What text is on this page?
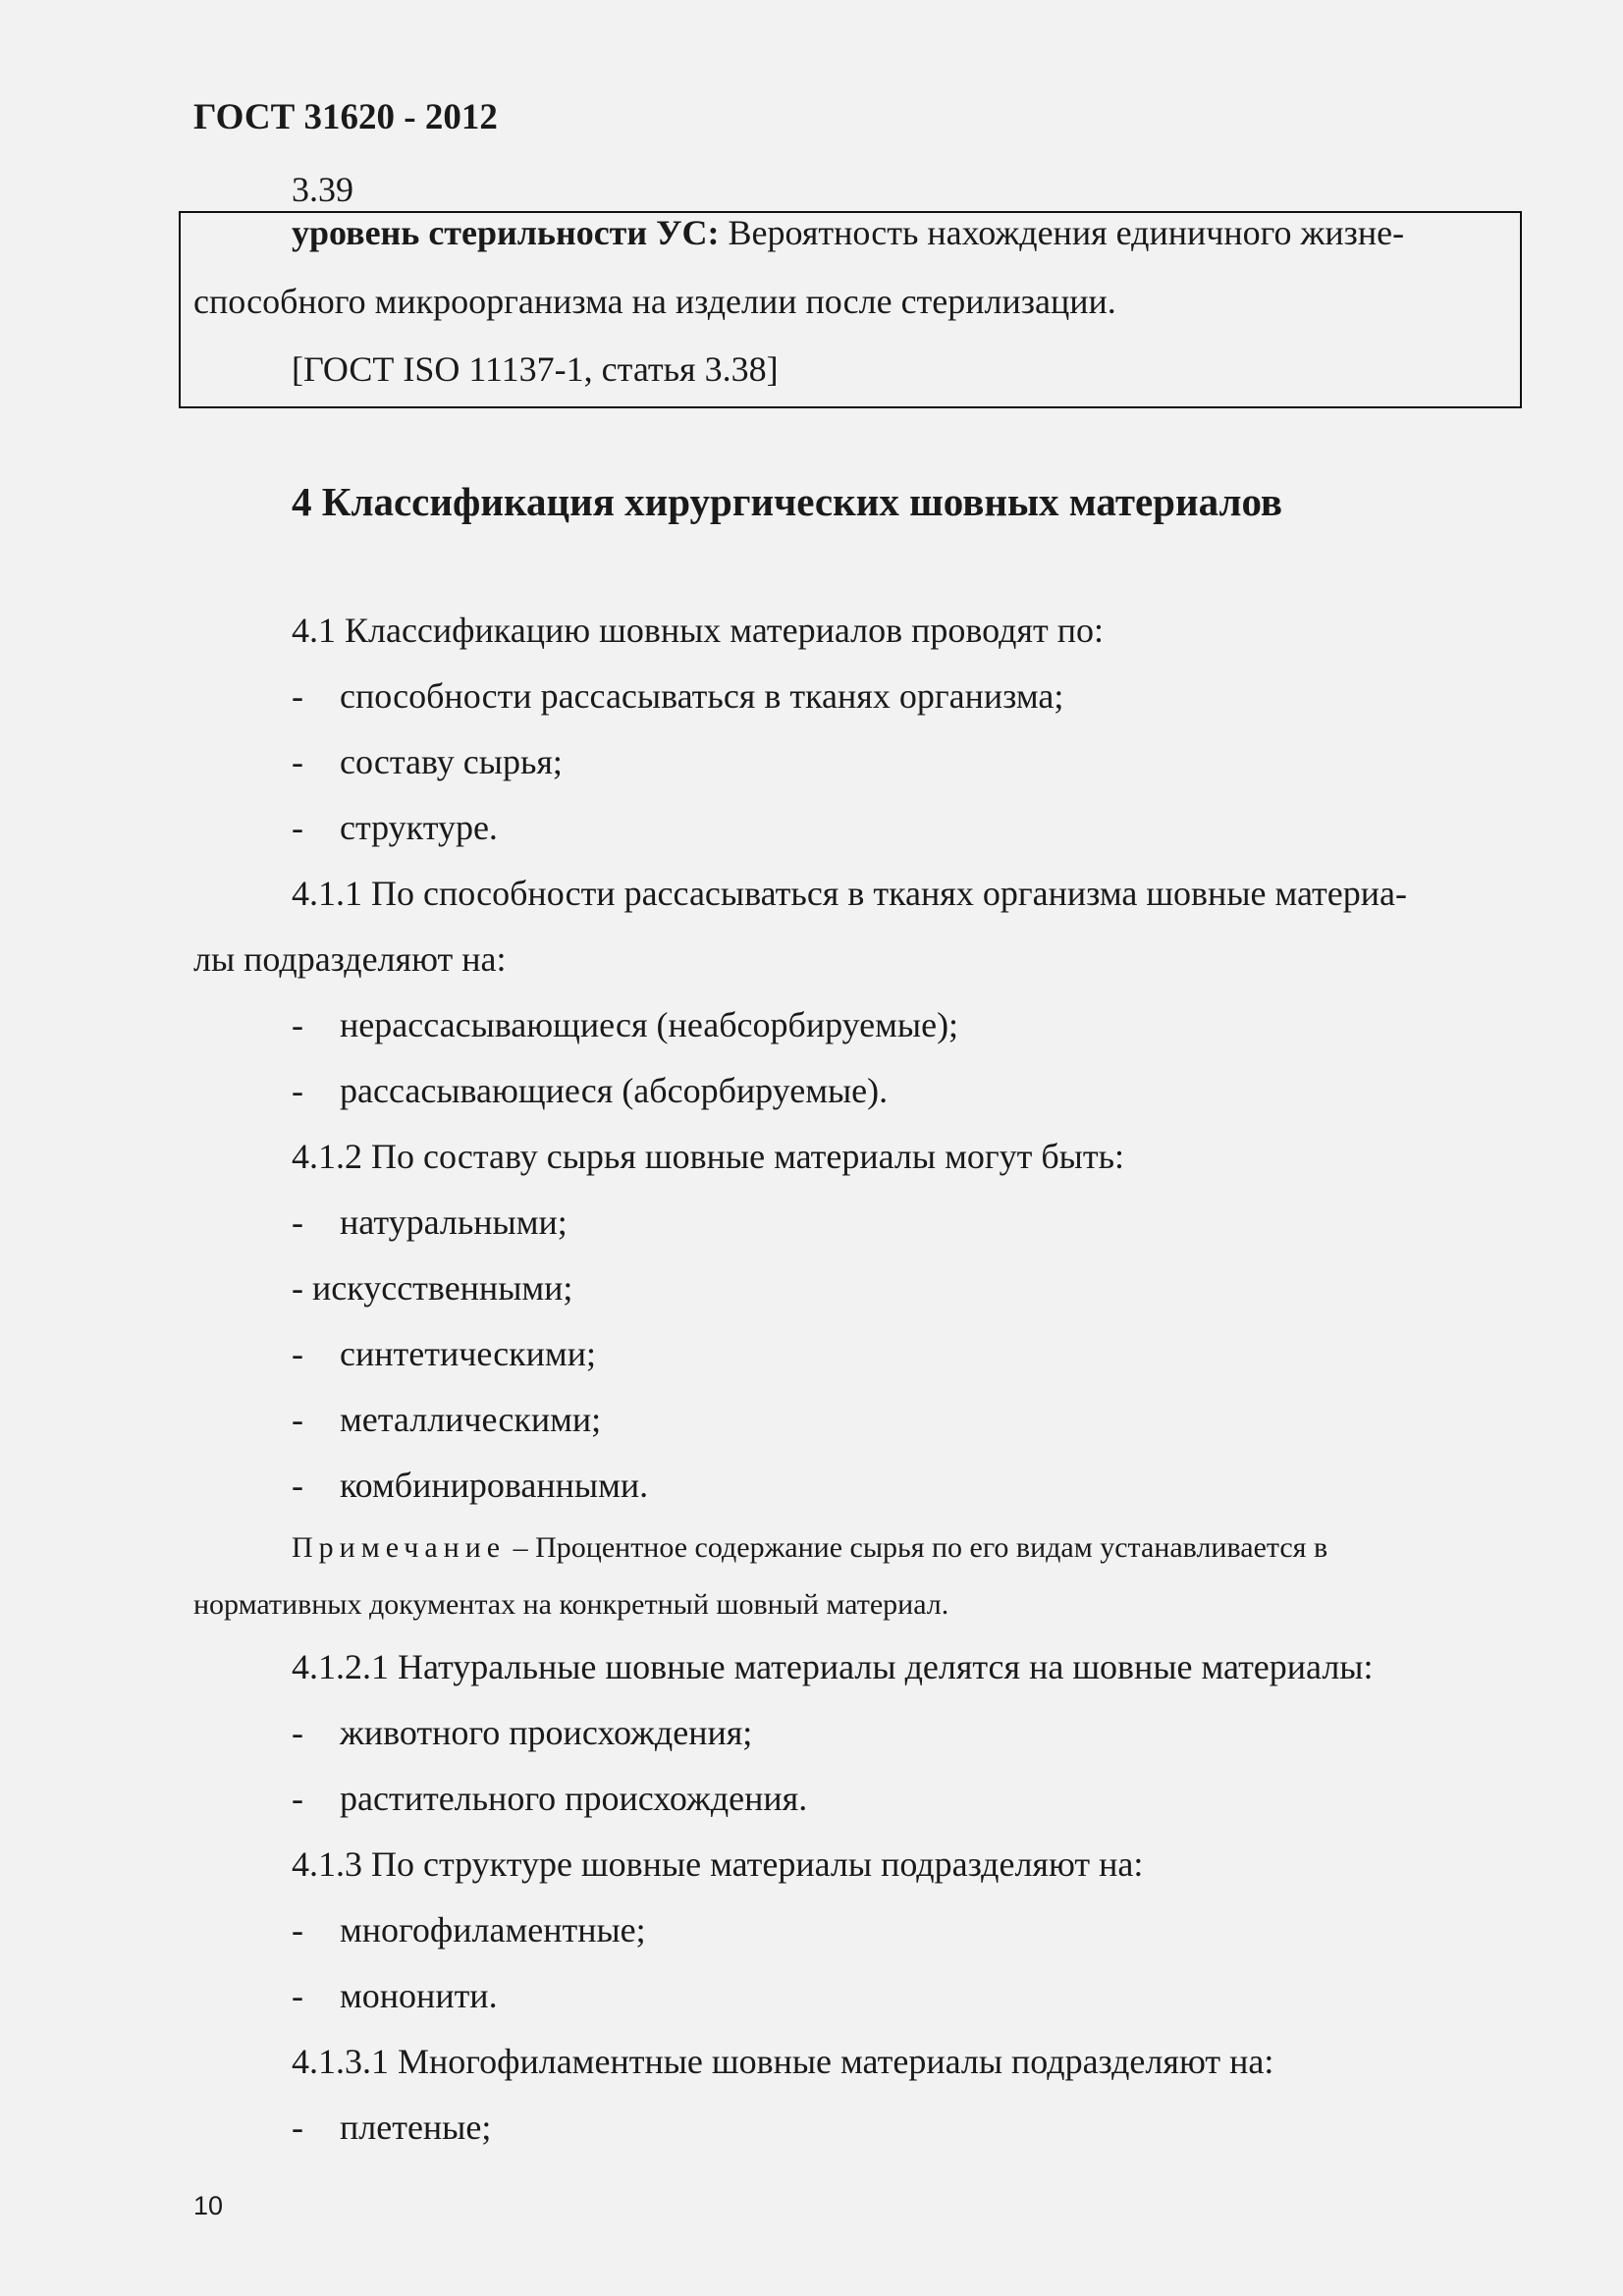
ГОСТ 31620 - 2012
3.39
уровень стерильности УС: Вероятность нахождения единичного жизне-
способного микроорганизма на изделии после стерилизации.
[ГОСТ ISO 11137-1, статья 3.38]
4 Классификация хирургических шовных материалов
4.1 Классификацию шовных материалов проводят по:
- способности рассасываться в тканях организма;
- составу сырья;
- структуре.
4.1.1 По способности рассасываться в тканях организма шовные материа-
лы подразделяют на:
- нерассасывающиеся (неабсорбируемые);
- рассасывающиеся (абсорбируемые).
4.1.2 По составу сырья шовные материалы могут быть:
- натуральными;
- искусственными;
- синтетическими;
- металлическими;
- комбинированными.
Примечание – Процентное содержание сырья по его видам устанавливается в
нормативных документах на конкретный шовный материал.
4.1.2.1 Натуральные шовные материалы делятся на шовные материалы:
- животного происхождения;
- растительного происхождения.
4.1.3 По структуре шовные материалы подразделяют на:
- многофиламентные;
- мононити.
4.1.3.1 Многофиламентные шовные материалы подразделяют на:
- плетеные;
10
